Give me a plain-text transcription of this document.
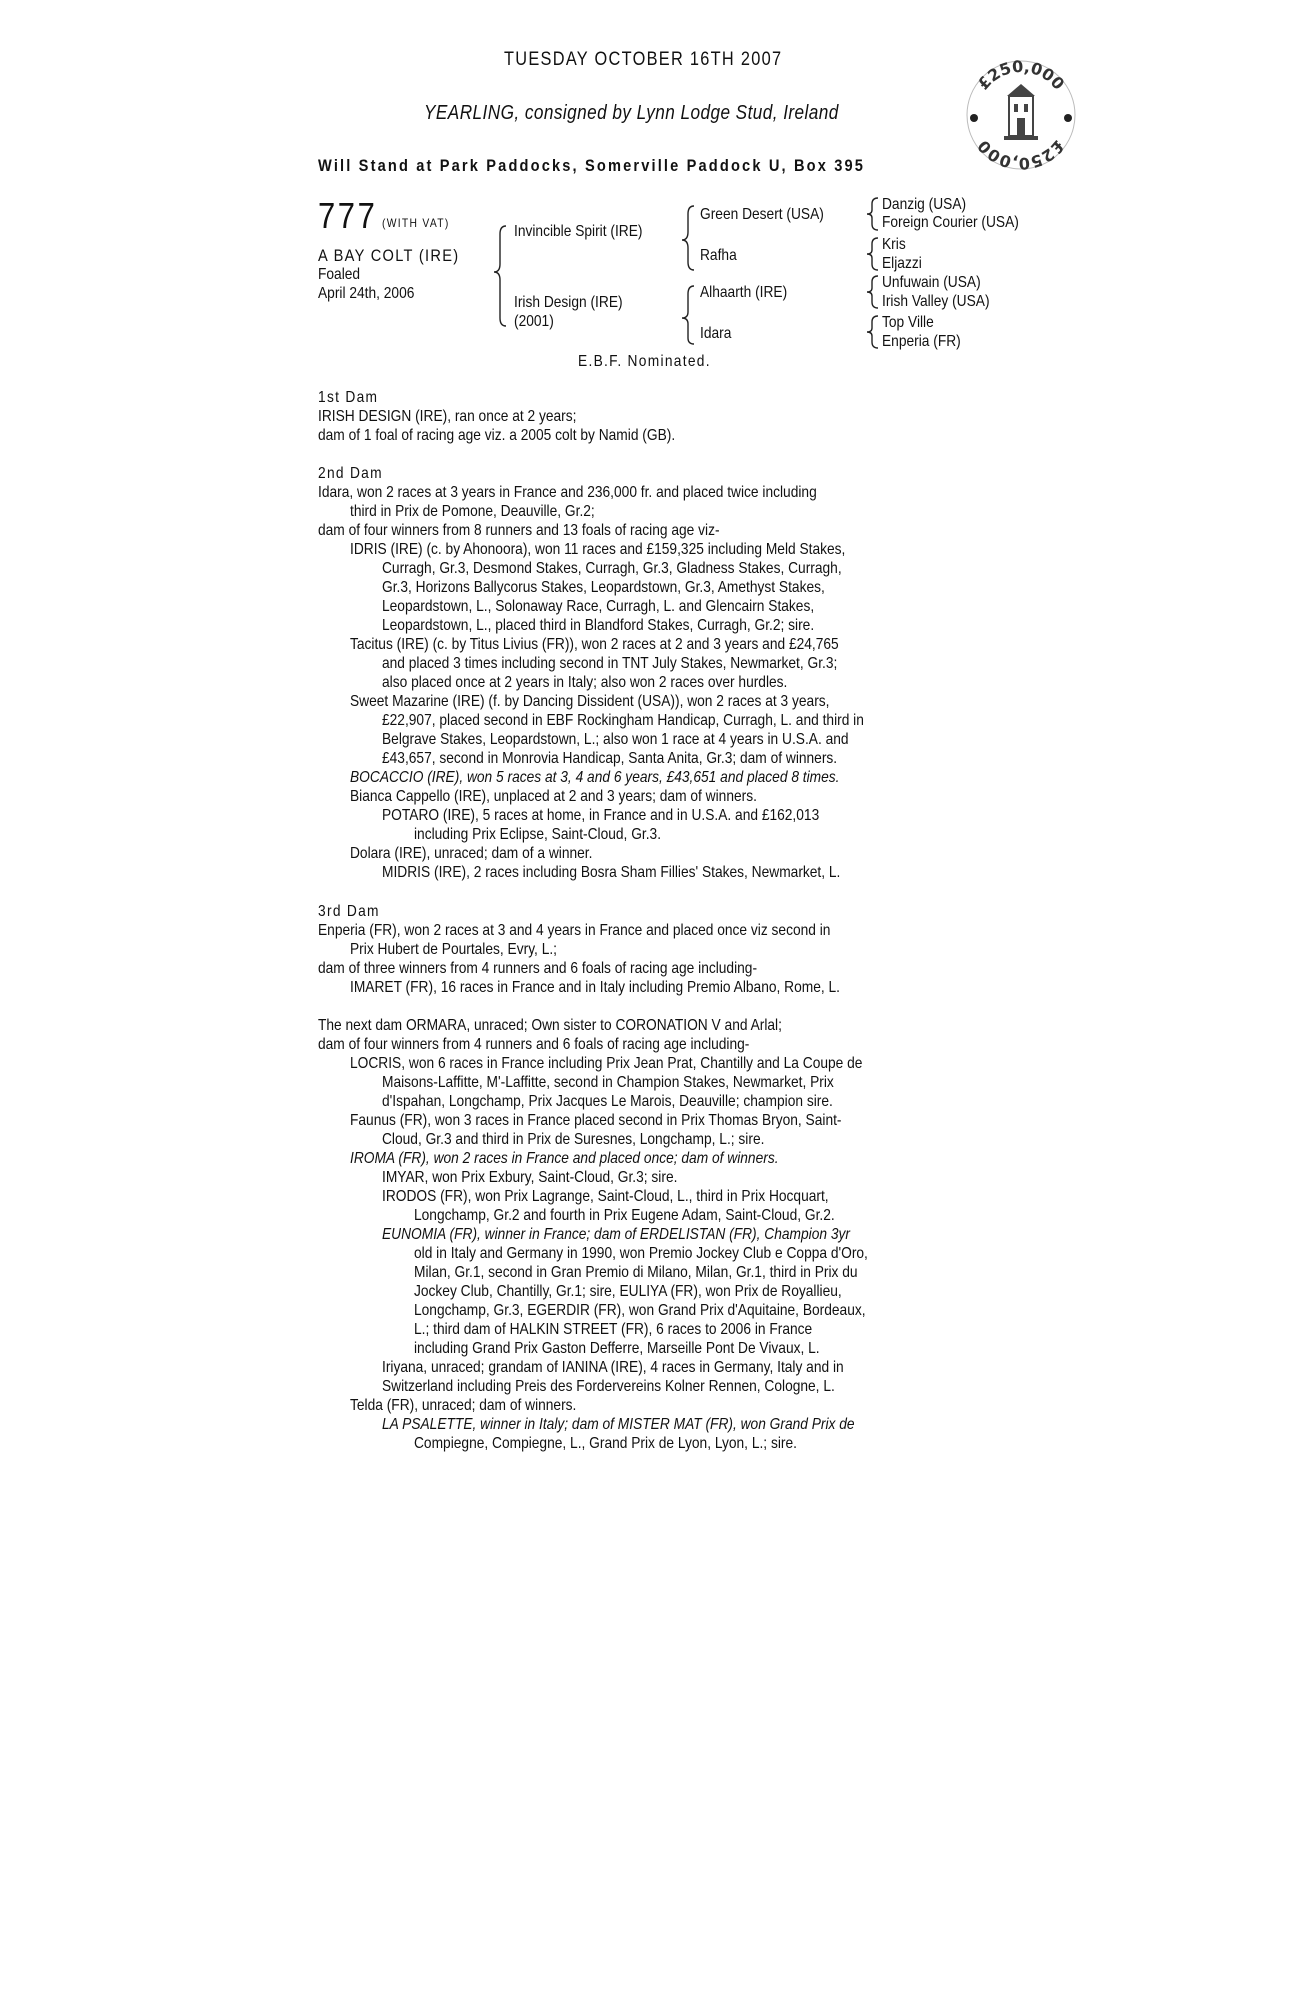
TUESDAY OCTOBER 16TH 2007
YEARLING, consigned by Lynn Lodge Stud, Ireland
Will Stand at Park Paddocks, Somerville Paddock U, Box 395
£250,000
£250,000
777 (WITH VAT)
A BAY COLT (IRE)
Foaled
April 24th, 2006
Invincible Spirit (IRE)
Irish Design (IRE)
(2001)
Green Desert (USA)
Rafha
Alhaarth (IRE)
Idara
Danzig (USA)
Foreign Courier (USA)
Kris
Eljazzi
Unfuwain (USA)
Irish Valley (USA)
Top Ville
Enperia (FR)
E.B.F. Nominated.
1st Dam
IRISH DESIGN (IRE), ran once at 2 years;
dam of 1 foal of racing age viz. a 2005 colt by Namid (GB).
2nd Dam
Idara, won 2 races at 3 years in France and 236,000 fr. and placed twice including
third in Prix de Pomone, Deauville, Gr.2;
dam of four winners from 8 runners and 13 foals of racing age viz-
IDRIS (IRE) (c. by Ahonoora), won 11 races and £159,325 including Meld Stakes,
Curragh, Gr.3, Desmond Stakes, Curragh, Gr.3, Gladness Stakes, Curragh,
Gr.3, Horizons Ballycorus Stakes, Leopardstown, Gr.3, Amethyst Stakes,
Leopardstown, L., Solonaway Race, Curragh, L. and Glencairn Stakes,
Leopardstown, L., placed third in Blandford Stakes, Curragh, Gr.2; sire.
Tacitus (IRE) (c. by Titus Livius (FR)), won 2 races at 2 and 3 years and £24,765
and placed 3 times including second in TNT July Stakes, Newmarket, Gr.3;
also placed once at 2 years in Italy; also won 2 races over hurdles.
Sweet Mazarine (IRE) (f. by Dancing Dissident (USA)), won 2 races at 3 years,
£22,907, placed second in EBF Rockingham Handicap, Curragh, L. and third in
Belgrave Stakes, Leopardstown, L.; also won 1 race at 4 years in U.S.A. and
£43,657, second in Monrovia Handicap, Santa Anita, Gr.3; dam of winners.
BOCACCIO (IRE), won 5 races at 3, 4 and 6 years, £43,651 and placed 8 times.
Bianca Cappello (IRE), unplaced at 2 and 3 years; dam of winners.
POTARO (IRE), 5 races at home, in France and in U.S.A. and £162,013
including Prix Eclipse, Saint-Cloud, Gr.3.
Dolara (IRE), unraced; dam of a winner.
MIDRIS (IRE), 2 races including Bosra Sham Fillies' Stakes, Newmarket, L.
3rd Dam
Enperia (FR), won 2 races at 3 and 4 years in France and placed once viz second in
Prix Hubert de Pourtales, Evry, L.;
dam of three winners from 4 runners and 6 foals of racing age including-
IMARET (FR), 16 races in France and in Italy including Premio Albano, Rome, L.
The next dam ORMARA, unraced; Own sister to CORONATION V and Arlal;
dam of four winners from 4 runners and 6 foals of racing age including-
LOCRIS, won 6 races in France including Prix Jean Prat, Chantilly and La Coupe de
Maisons-Laffitte, M'-Laffitte, second in Champion Stakes, Newmarket, Prix
d'Ispahan, Longchamp, Prix Jacques Le Marois, Deauville; champion sire.
Faunus (FR), won 3 races in France placed second in Prix Thomas Bryon, Saint-
Cloud, Gr.3 and third in Prix de Suresnes, Longchamp, L.; sire.
IROMA (FR), won 2 races in France and placed once; dam of winners.
IMYAR, won Prix Exbury, Saint-Cloud, Gr.3; sire.
IRODOS (FR), won Prix Lagrange, Saint-Cloud, L., third in Prix Hocquart,
Longchamp, Gr.2 and fourth in Prix Eugene Adam, Saint-Cloud, Gr.2.
EUNOMIA (FR), winner in France; dam of ERDELISTAN (FR), Champion 3yr
old in Italy and Germany in 1990, won Premio Jockey Club e Coppa d'Oro,
Milan, Gr.1, second in Gran Premio di Milano, Milan, Gr.1, third in Prix du
Jockey Club, Chantilly, Gr.1; sire, EULIYA (FR), won Prix de Royallieu,
Longchamp, Gr.3, EGERDIR (FR), won Grand Prix d'Aquitaine, Bordeaux,
L.; third dam of HALKIN STREET (FR), 6 races to 2006 in France
including Grand Prix Gaston Defferre, Marseille Pont De Vivaux, L.
Iriyana, unraced; grandam of IANINA (IRE), 4 races in Germany, Italy and in
Switzerland including Preis des Fordervereins Kolner Rennen, Cologne, L.
Telda (FR), unraced; dam of winners.
LA PSALETTE, winner in Italy; dam of MISTER MAT (FR), won Grand Prix de
Compiegne, Compiegne, L., Grand Prix de Lyon, Lyon, L.; sire.
